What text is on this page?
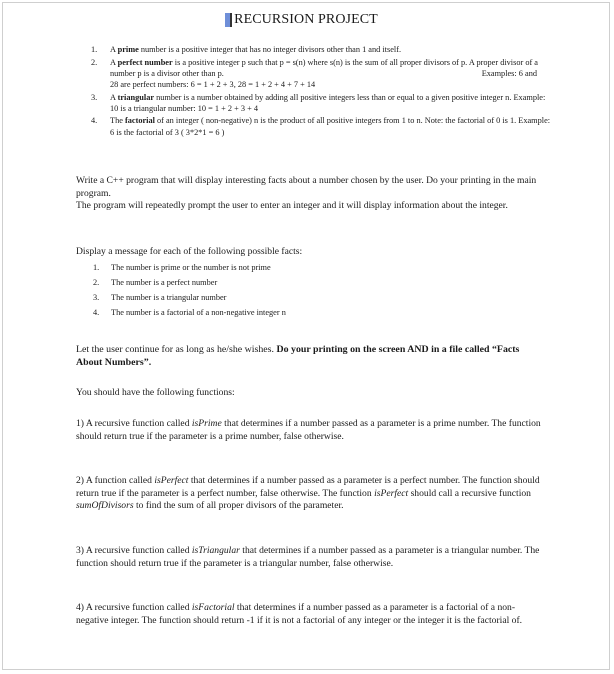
RECURSION PROJECT
1. A prime number is a positive integer that has no integer divisors other than 1 and itself.
2. A perfect number is a positive integer p such that p = s(n) where s(n) is the sum of all proper divisors of p. A proper divisor of a number p is a divisor other than p.	Examples: 6 and
28 are perfect numbers: 6 = 1 + 2 + 3, 28 = 1 + 2 + 4 + 7 + 14
3. A triangular number is a number obtained by adding all positive integers less than or equal to a given positive integer n. Example: 10 is a triangular number: 10 = 1 + 2 + 3 + 4
4. The factorial of an integer ( non-negative) n is the product of all positive integers from 1 to n. Note: the factorial of 0 is 1. Example: 6 is the factorial of 3 ( 3*2*1 = 6 )
Write a C++ program that will display interesting facts about a number chosen by the user. Do your printing in the main program.
The program will repeatedly prompt the user to enter an integer and it will display information about the integer.
Display a message for each of the following possible facts:
1. The number is prime or the number is not prime
2. The number is a perfect number
3. The number is a triangular number
4. The number is a factorial of a non-negative integer n
Let the user continue for as long as he/she wishes. Do your printing on the screen AND in a file called “Facts About Numbers”.
You should have the following functions:
1) A recursive function called isPrime that determines if a number passed as a parameter is a prime number. The function should return true if the parameter is a prime number, false otherwise.
2) A function called isPerfect that determines if a number passed as a parameter is a perfect number. The function should return true if the parameter is a perfect number, false otherwise. The function isPerfect should call a recursive function sumOfDivisors to find the sum of all proper divisors of the parameter.
3) A recursive function called isTriangular that determines if a number passed as a parameter is a triangular number. The function should return true if the parameter is a triangular number, false otherwise.
4) A recursive function called isFactorial that determines if a number passed as a parameter is a factorial of a non-negative integer. The function should return -1 if it is not a factorial of any integer or the integer it is the factorial of.
